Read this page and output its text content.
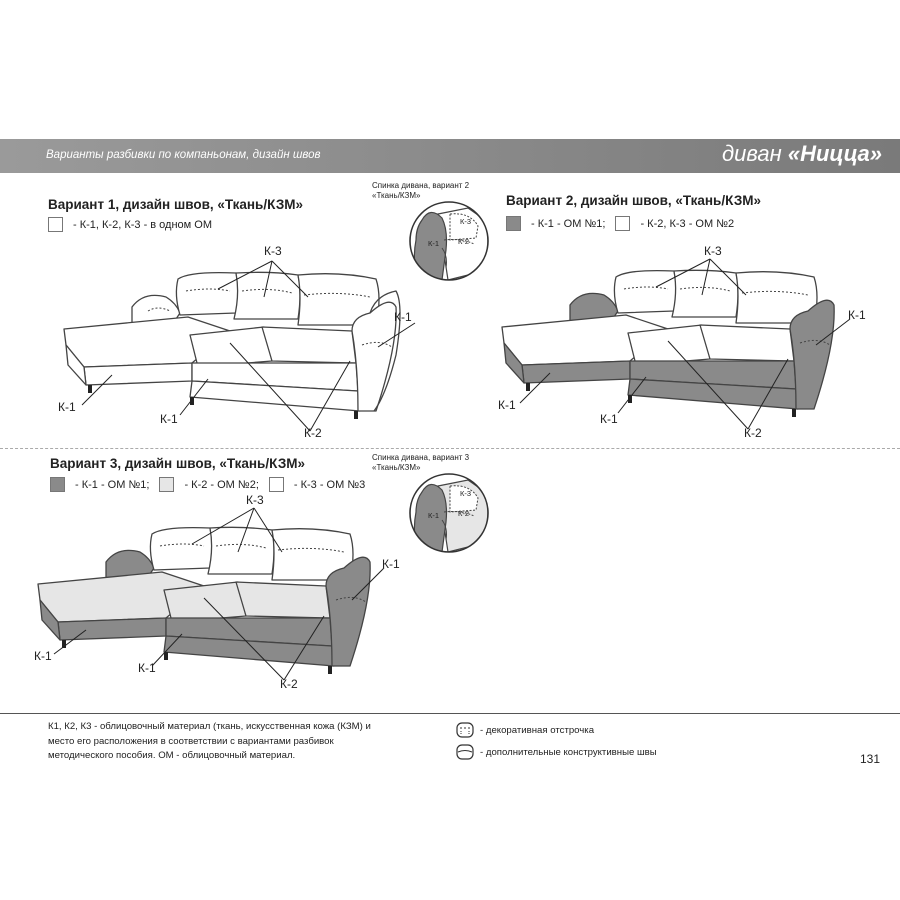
Варианты разбивки по компаньонам, дизайн швов	диван «Ницца»
Вариант 1, дизайн швов, «Ткань/КЗМ»
- К-1, К-2, К-3 - в одном ОМ
Вариант 2, дизайн швов, «Ткань/КЗМ»
- К-1 - ОМ №1;	- К-2, К-3 - ОМ №2
Вариант 3, дизайн швов, «Ткань/КЗМ»
- К-1 - ОМ №1;	- К-2 - ОМ №2;	- К-3 - ОМ №3
Спинка дивана, вариант 2
«Ткань/КЗМ»
К-3
К-2
К-1
Спинка дивана, вариант 3
«Ткань/КЗМ»
К-3
К-2
К-1
К-3
К-1
К-1
К-1
К-2
К-3
К-1
К-1
К-1
К-2
К-3
К-1
К-1
К-1
К-2
К1, К2, К3 - облицовочный материал (ткань, искусственная кожа (КЗМ) и место его расположения в соответствии с вариантами разбивок методического пособия. ОМ - облицовочный материал.
- декоративная отстрочка
- дополнительные конструктивные швы	131
